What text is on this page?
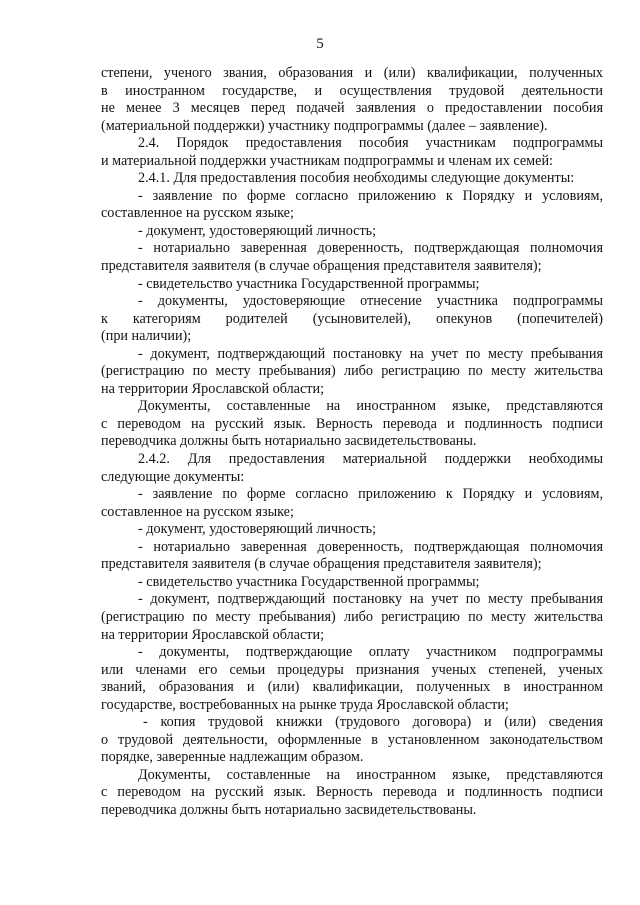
5
степени, ученого звания, образования и (или) квалификации, полученных
в иностранном государстве, и осуществления трудовой деятельности
не менее 3 месяцев перед подачей заявления о предоставлении пособия
(материальной поддержки) участнику подпрограммы (далее – заявление).
2.4. Порядок предоставления пособия участникам подпрограммы
и материальной поддержки участникам подпрограммы и членам их семей:
2.4.1. Для предоставления пособия необходимы следующие документы:
- заявление по форме согласно приложению к Порядку и условиям,
составленное на русском языке;
- документ, удостоверяющий личность;
- нотариально заверенная доверенность, подтверждающая полномочия
представителя заявителя (в случае обращения представителя заявителя);
- свидетельство участника Государственной программы;
- документы, удостоверяющие отнесение участника подпрограммы
к категориям родителей (усыновителей), опекунов (попечителей)
(при наличии);
- документ, подтверждающий постановку на учет по месту пребывания
(регистрацию по месту пребывания) либо регистрацию по месту жительства
на территории Ярославской области;
Документы, составленные на иностранном языке, представляются
с переводом на русский язык. Верность перевода и подлинность подписи
переводчика должны быть нотариально засвидетельствованы.
2.4.2. Для предоставления материальной поддержки необходимы
следующие документы:
- заявление по форме согласно приложению к Порядку и условиям,
составленное на русском языке;
- документ, удостоверяющий личность;
- нотариально заверенная доверенность, подтверждающая полномочия
представителя заявителя (в случае обращения представителя заявителя);
- свидетельство участника Государственной программы;
- документ, подтверждающий постановку на учет по месту пребывания
(регистрацию по месту пребывания) либо регистрацию по месту жительства
на территории Ярославской области;
- документы, подтверждающие оплату участником подпрограммы
или членами его семьи процедуры признания ученых степеней, ученых
званий, образования и (или) квалификации, полученных в иностранном
государстве, востребованных на рынке труда Ярославской области;
- копия трудовой книжки (трудового договора) и (или) сведения
о трудовой деятельности, оформленные в установленном законодательством
порядке, заверенные надлежащим образом.
Документы, составленные на иностранном языке, представляются
с переводом на русский язык. Верность перевода и подлинность подписи
переводчика должны быть нотариально засвидетельствованы.
